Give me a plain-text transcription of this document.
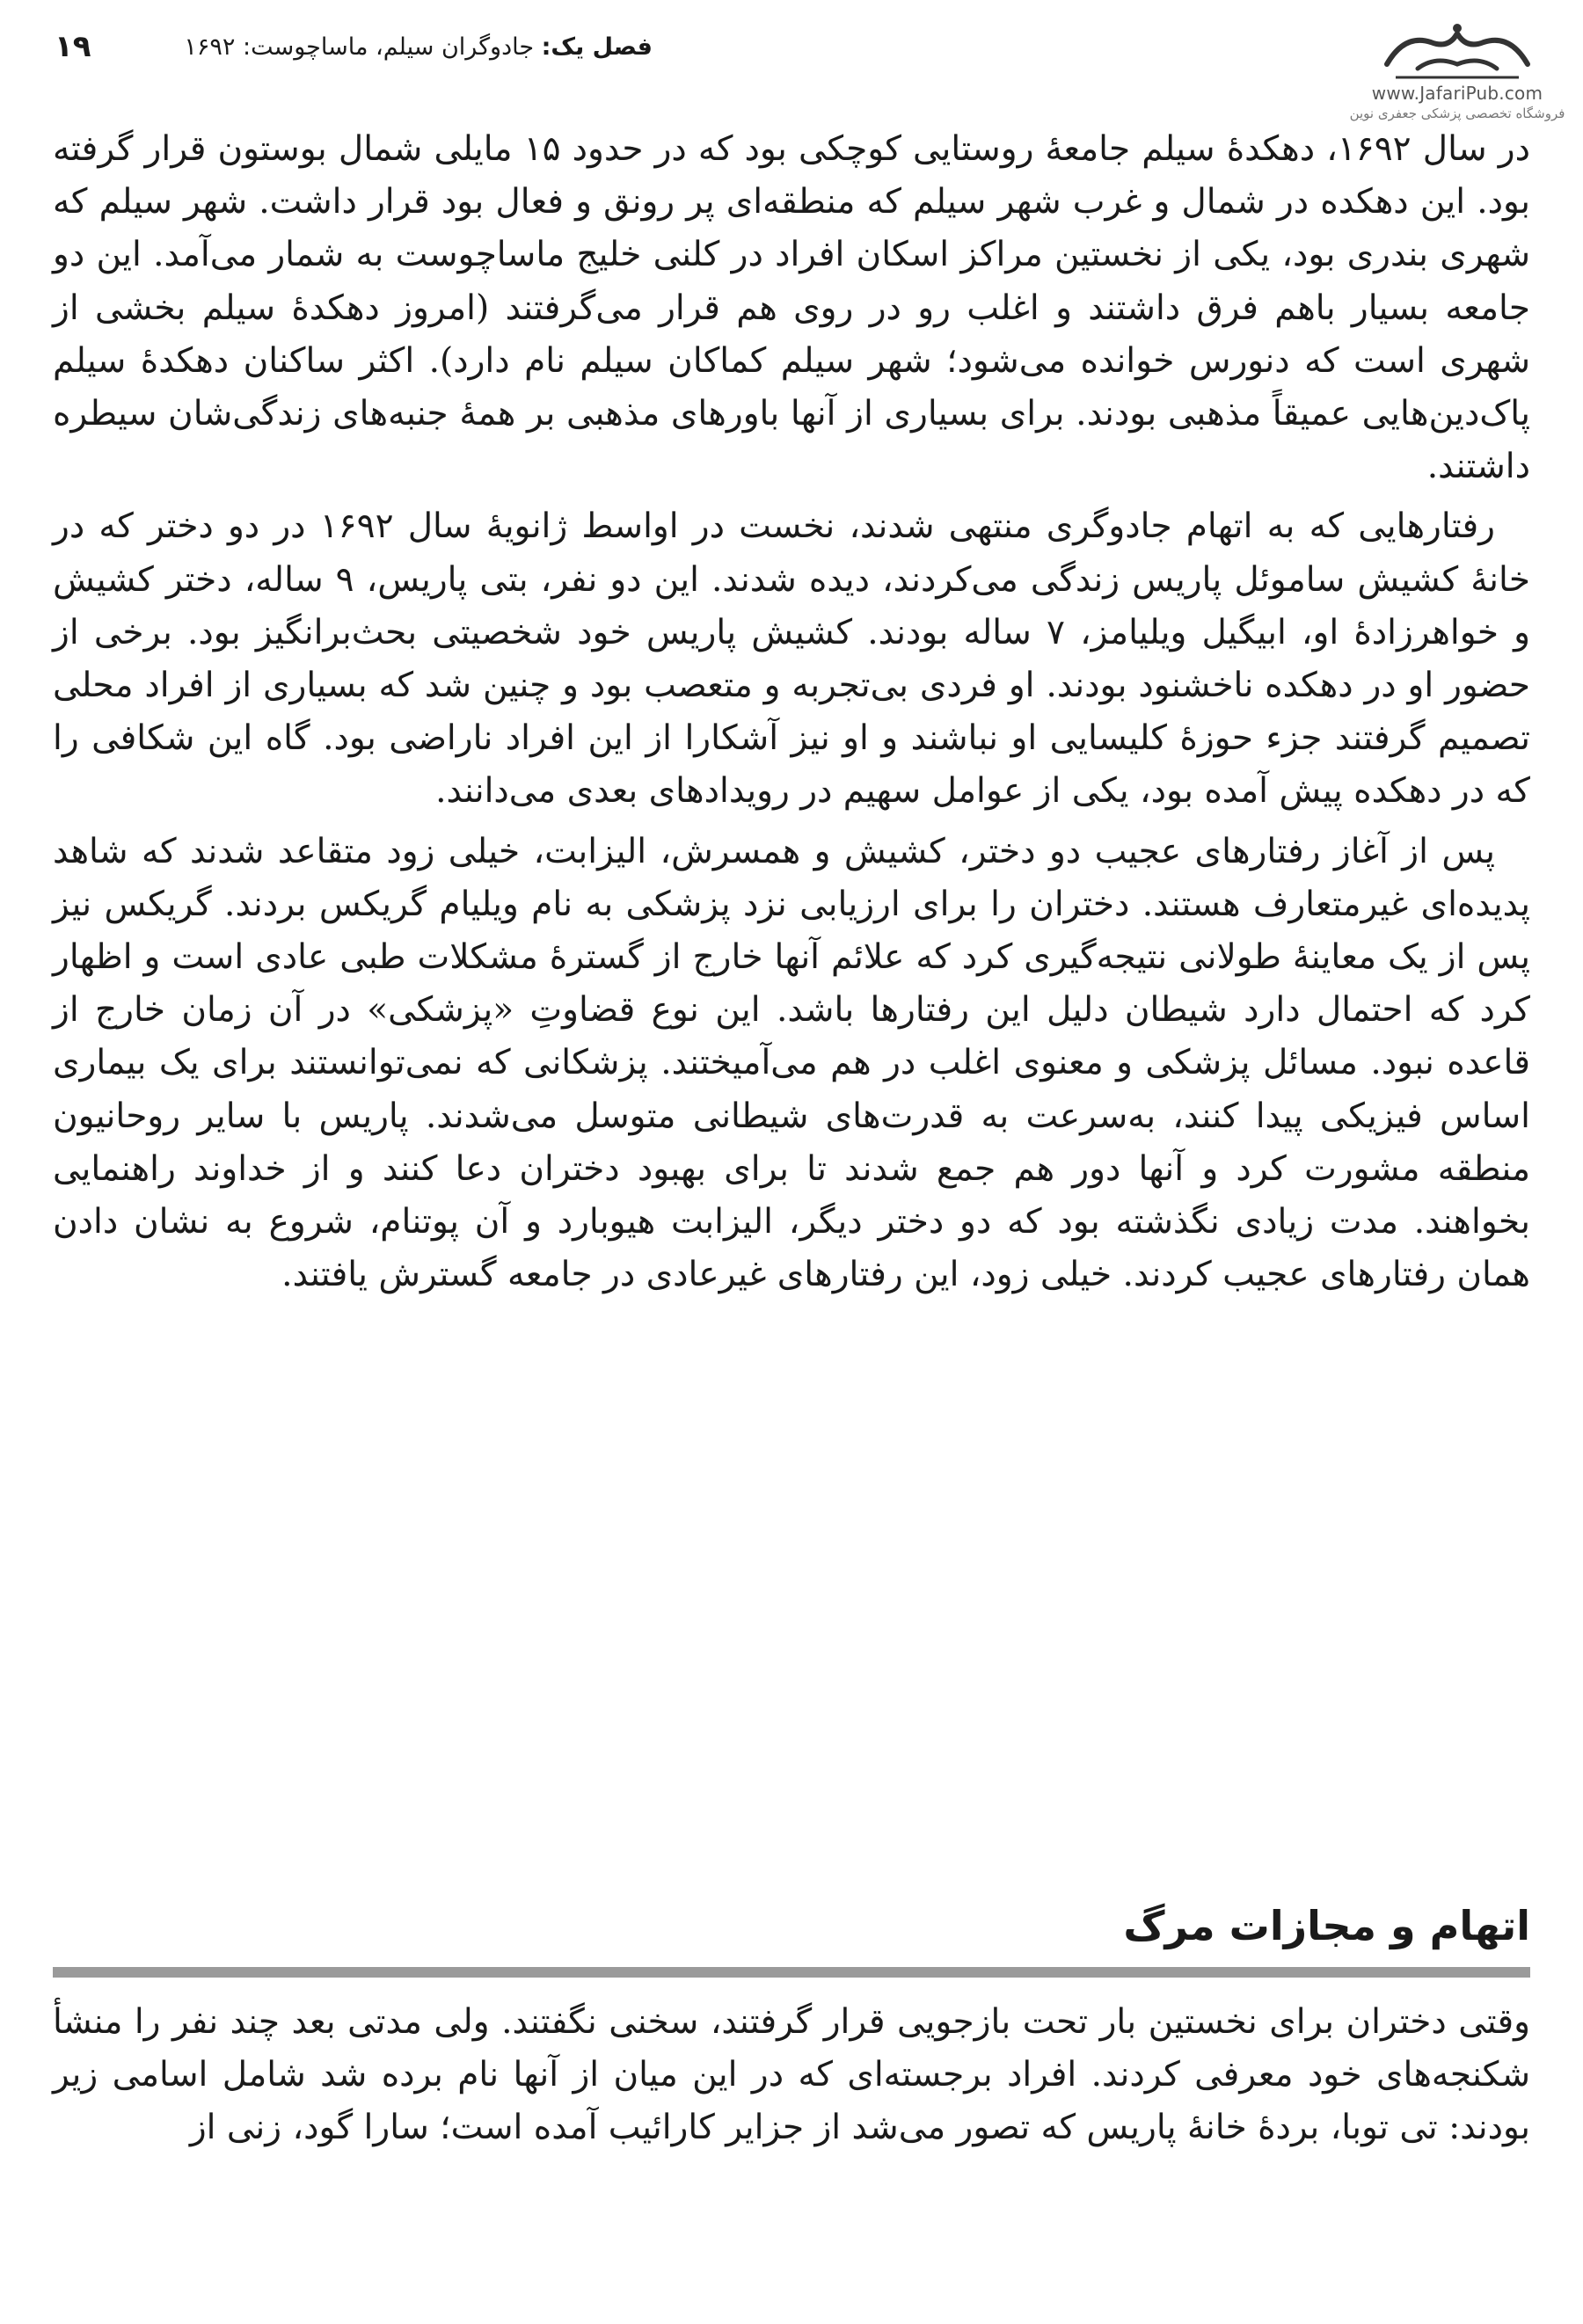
فصل یک: جادوگران سیلم، ماساچوست: ۱۶۹۲
۱۹
www.JafariPub.com
فروشگاه تخصصی پزشکی جعفری نوین

در سال ۱۶۹۲، دهکدهٔ سیلم جامعهٔ روستایی کوچکی بود که در حدود ۱۵ مایلی شمال بوستون قرار گرفته بود. این دهکده در شمال و غرب شهر سیلم که منطقه‌ای پر رونق و فعال بود قرار داشت. شهر سیلم که شهری بندری بود، یکی از نخستین مراکز اسکان افراد در کلنی خلیج ماساچوست به شمار می‌آمد. این دو جامعه بسیار باهم فرق داشتند و اغلب رو در روی هم قرار می‌گرفتند (امروز دهکدهٔ سیلم بخشی از شهری است که دنورس خوانده می‌شود؛ شهر سیلم کماکان سیلم نام دارد). اکثر ساکنان دهکدهٔ سیلم پاک‌دین‌هایی عمیقاً مذهبی بودند. برای بسیاری از آنها باورهای مذهبی بر همهٔ جنبه‌های زندگی‌شان سیطره داشتند.

رفتارهایی که به اتهام جادوگری منتهی شدند، نخست در اواسط ژانویهٔ سال ۱۶۹۲ در دو دختر که در خانهٔ کشیش ساموئل پاریس زندگی می‌کردند، دیده شدند. این دو نفر، بتی پاریس، ۹ ساله، دختر کشیش و خواهرزادهٔ او، ابیگیل ویلیامز، ۷ ساله بودند. کشیش پاریس خود شخصیتی بحث‌برانگیز بود. برخی از حضور او در دهکده ناخشنود بودند. او فردی بی‌تجربه و متعصب بود و چنین شد که بسیاری از افراد محلی تصمیم گرفتند جزء حوزهٔ کلیسایی او نباشند و او نیز آشکارا از این افراد ناراضی بود. گاه این شکافی را که در دهکده پیش آمده بود، یکی از عوامل سهیم در رویدادهای بعدی می‌دانند.

پس از آغاز رفتارهای عجیب دو دختر، کشیش و همسرش، الیزابت، خیلی زود متقاعد شدند که شاهد پدیده‌ای غیرمتعارف هستند. دختران را برای ارزیابی نزد پزشکی به نام ویلیام گریکس بردند. گریکس نیز پس از یک معاینهٔ طولانی نتیجه‌گیری کرد که علائم آنها خارج از گسترهٔ مشکلات طبی عادی است و اظهار کرد که احتمال دارد شیطان دلیل این رفتارها باشد. این نوع قضاوتِ «پزشکی» در آن زمان خارج از قاعده نبود. مسائل پزشکی و معنوی اغلب در هم می‌آمیختند. پزشکانی که نمی‌توانستند برای یک بیماری اساس فیزیکی پیدا کنند، به‌سرعت به قدرت‌های شیطانی متوسل می‌شدند. پاریس با سایر روحانیون منطقه مشورت کرد و آنها دور هم جمع شدند تا برای بهبود دختران دعا کنند و از خداوند راهنمایی بخواهند. مدت زیادی نگذشته بود که دو دختر دیگر، الیزابت هیوبارد و آن پوتنام، شروع به نشان دادن همان رفتارهای عجیب کردند. خیلی زود، این رفتارهای غیرعادی در جامعه گسترش یافتند.

اتهام و مجازات مرگ

وقتی دختران برای نخستین بار تحت بازجویی قرار گرفتند، سخنی نگفتند. ولی مدتی بعد چند نفر را منشأ شکنجه‌های خود معرفی کردند. افراد برجسته‌ای که در این میان از آنها نام برده شد شامل اسامی زیر بودند: تی توبا، بردهٔ خانهٔ پاریس که تصور می‌شد از جزایر کارائیب آمده است؛ سارا گود، زنی از
